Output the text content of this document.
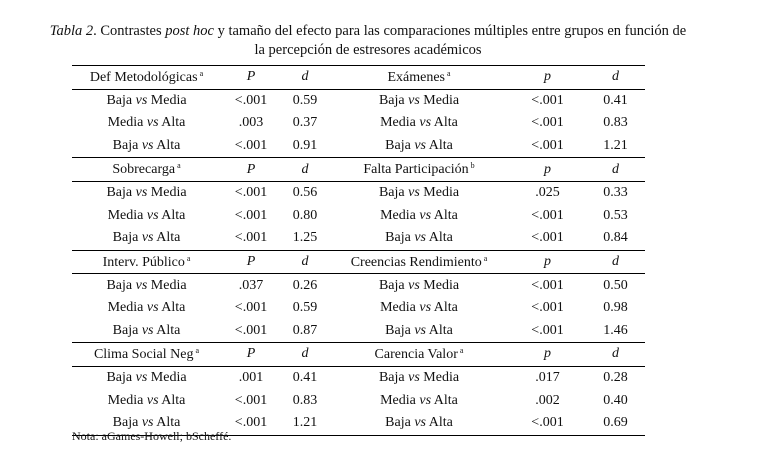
Tabla 2. Contrastes post hoc y tamaño del efecto para las comparaciones múltiples entre grupos en función de
la percepción de estresores académicos
Def Metodológicas $^a$	P	d	Exámenes $^a$	p	d
Baja vs Media	<.001	0.59	Baja vs Media	<.001	0.41
Media vs Alta	.003	0.37	Media vs Alta	<.001	0.83
Baja vs Alta	<.001	0.91	Baja vs Alta	<.001	1.21
Sobrecarga $^a$	P	d	Falta Participación $^b$	p	d
Baja vs Media	<.001	0.56	Baja vs Media	.025	0.33
Media vs Alta	<.001	0.80	Media vs Alta	<.001	0.53
Baja vs Alta	<.001	1.25	Baja vs Alta	<.001	0.84
Interv. Público $^a$	P	d	Creencias Rendimiento $^a$	p	d
Baja vs Media	.037	0.26	Baja vs Media	<.001	0.50
Media vs Alta	<.001	0.59	Media vs Alta	<.001	0.98
Baja vs Alta	<.001	0.87	Baja vs Alta	<.001	1.46
Clima Social Neg $^a$	P	d	Carencia Valor $^a$	p	d
Baja vs Media	.001	0.41	Baja vs Media	.017	0.28
Media vs Alta	<.001	0.83	Media vs Alta	.002	0.40
Baja vs Alta	<.001	1.21	Baja vs Alta	<.001	0.69
Nota: aGames-Howell; bScheffé.
